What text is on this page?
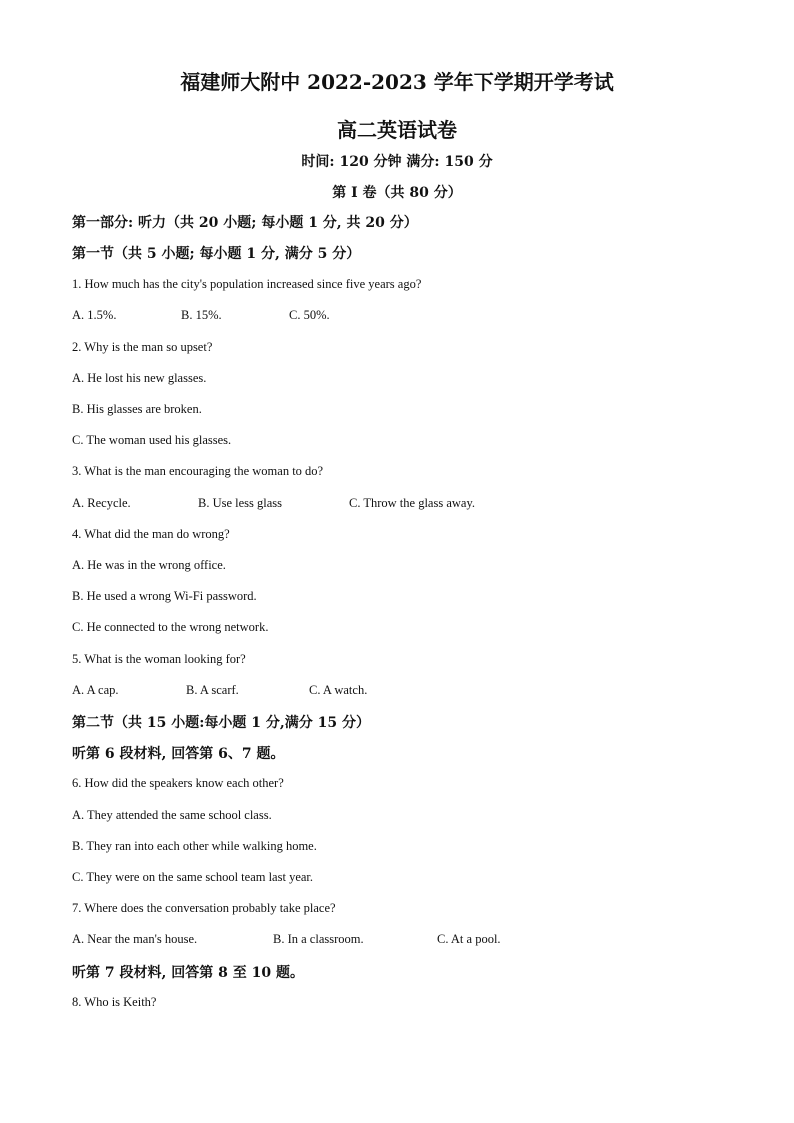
福建师大附中 2022-2023 学年下学期开学考试
高二英语试卷
时间: 120 分钟 满分: 150 分
第 I 卷（共 80 分）
第一部分: 听力（共 20 小题; 每小题 1 分, 共 20 分）
第一节（共 5 小题; 每小题 1 分, 满分 5 分）
1. How much has the city's population increased since five years ago?
A. 1.5%.	B. 15%.	C. 50%.
2. Why is the man so upset?
A. He lost his new glasses.
B. His glasses are broken.
C. The woman used his glasses.
3. What is the man encouraging the woman to do?
A. Recycle.	B. Use less glass	C. Throw the glass away.
4. What did the man do wrong?
A. He was in the wrong office.
B. He used a wrong Wi-Fi password.
C. He connected to the wrong network.
5. What is the woman looking for?
A. A cap.	B. A scarf.	C. A watch.
第二节（共 15 小题:每小题 1 分,满分 15 分）
听第 6 段材料, 回答第 6、7 题。
6. How did the speakers know each other?
A. They attended the same school class.
B. They ran into each other while walking home.
C. They were on the same school team last year.
7. Where does the conversation probably take place?
A. Near the man's house.	B. In a classroom.	C. At a pool.
听第 7 段材料, 回答第 8 至 10 题。
8. Who is Keith?
